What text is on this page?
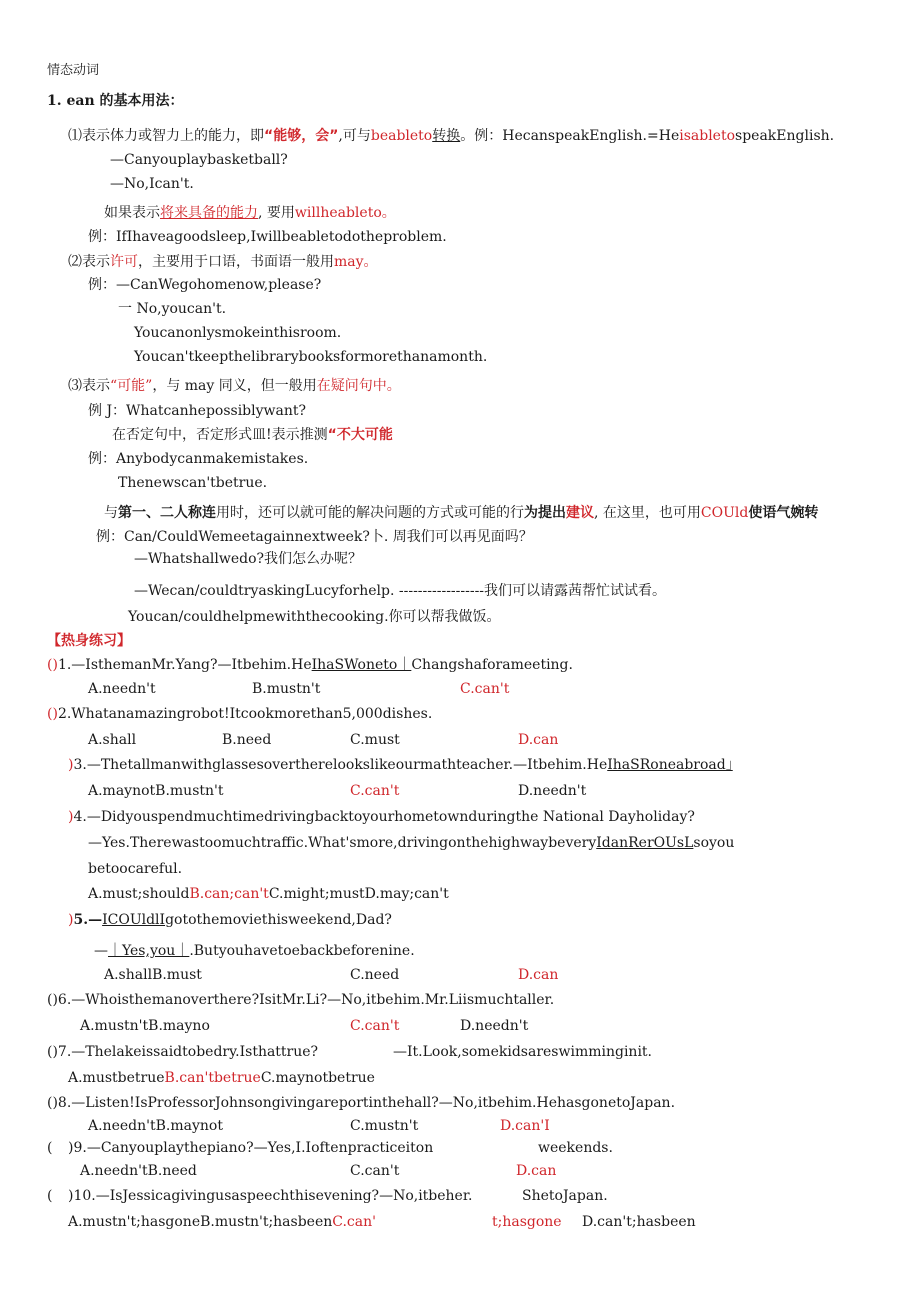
情态动词
1. ean 的基本用法：
⑴表示体力或智力上的能力，即“能够，会”,可与beableto转换。例：HecanspeakEnglish.=HeisabletospeakEnglish.
—Canyouplaybasketball?
—No,Ican't.
如果表示将来具备的能力, 要用willheableto。
例：IfIhaveagoodsleep,Iwillbeabletodotheproblem.
⑵表示许可，主要用于口语，书面语一般用may。
例：—CanWegohomenow,please?
一 No,youcan't.
Youcanonlysmokeinthisroom.
Youcan'tkeepthelibrarybooksformorethanamonth.
⑶表示“可能”，与 may 同义，但一般用在疑问句中。
例 J：Whatcanhepossiblywant?
在否定句中，否定形式皿!表示推测“不大可能
例：Anybodycanmakemistakes.
Thenewscan'tbetrue.
与第一、二人称连用时，还可以就可能的解决问题的方式或可能的行为提出建议, 在这里，也可用COUld使语气婉转
例：Can/CouldWemeetagainnextweek?卜. 周我们可以再见面吗？
—Whatshallwedo?我们怎么办呢？
—Wecan/couldtryaskingLucyforhelp. ------------------我们可以请露茜帮忙试试看。
Youcan/couldhelpmewiththecooking.你可以帮我做饭。
【热身练习】
()1.—IsthemanMr.Yang?—Itbehim.HeIhaSWoneto｜Changshaforameeting.
A.needn't	B.mustn't	C.can't
()2.Whatanamazingrobot!Itcookmorethan5,000dishes.
A.shall	B.need	C.must	D.can
)3.—Thetallmanwithglassesovertherelookslikeourmathteacher.—Itbehim.HeIhaSRoneabroad｣
A.maynotB.mustn't	C.can't	D.needn't
)4.—Didyouspendmuchtimedrivingbacktoyourhometownduringthe National Dayholiday?
—Yes.Therewastoomuchtraffic.What'smore,drivingonthehighwaybeveryIdanRerOUsLsoyou
betoocareful.
A.must;shouldB.can;can'tC.might;mustD.may;can't
)5.—ICOUldlIgotothemoviethisweekend,Dad?
—｜Yes,you｜.Butyouhavetoebackbeforenine.
A.shallB.must	C.need	D.can
()6.—Whoisthemanoverthere?IsitMr.Li?—No,itbehim.Mr.Liismuchtaller.
A.mustn'tB.mayno	C.can't	D.needn't
()7.—Thelakeissaidtobedry.Isthattrue?	—It.Look,somekidsareswimminginit.
A.mustbetrueB.can'tbetrueC.maynotbetrue
()8.—Listen!IsProfessorJohnsongivingareportinthehall?—No,itbehim.HehasgonetoJapan.
A.needn'tB.maynot	C.mustn't	D.can'I
( )9.—Canyouplaythepiano?—Yes,I.Ioftenpracticeiton	weekends.
A.needn'tB.need	C.can't	D.can
( )10.—IsJessicagivingusaspeechthisevening?—No,itbeher.	ShetoJapan.
A.mustn't;hasgoneB.mustn't;hasbeenC.can'	t;hasgone D.can't;hasbeen
